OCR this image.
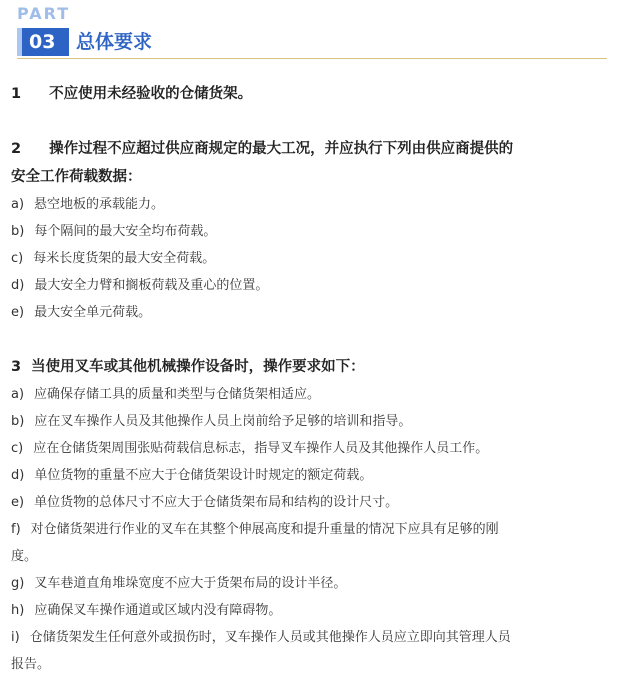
PART
03 总体要求
1 不应使用未经验收的仓储货架。
2 操作过程不应超过供应商规定的最大工况，并应执行下列由供应商提供的
安全工作荷载数据：
a) 悬空地板的承载能力。
b) 每个隔间的最大安全均布荷载。
c) 每米长度货架的最大安全荷载。
d) 最大安全力臂和搁板荷载及重心的位置。
e) 最大安全单元荷载。
3 当使用叉车或其他机械操作设备时，操作要求如下：
a) 应确保存储工具的质量和类型与仓储货架相适应。
b) 应在叉车操作人员及其他操作人员上岗前给予足够的培训和指导。
c) 应在仓储货架周围张贴荷载信息标志，指导叉车操作人员及其他操作人员工作。
d) 单位货物的重量不应大于仓储货架设计时规定的额定荷载。
e) 单位货物的总体尺寸不应大于仓储货架布局和结构的设计尺寸。
f) 对仓储货架进行作业的叉车在其整个伸展高度和提升重量的情况下应具有足够的刚
度。
g) 叉车巷道直角堆垛宽度不应大于货架布局的设计半径。
h) 应确保叉车操作通道或区域内没有障碍物。
i) 仓储货架发生任何意外或损伤时，叉车操作人员或其他操作人员应立即向其管理人员
报告。
